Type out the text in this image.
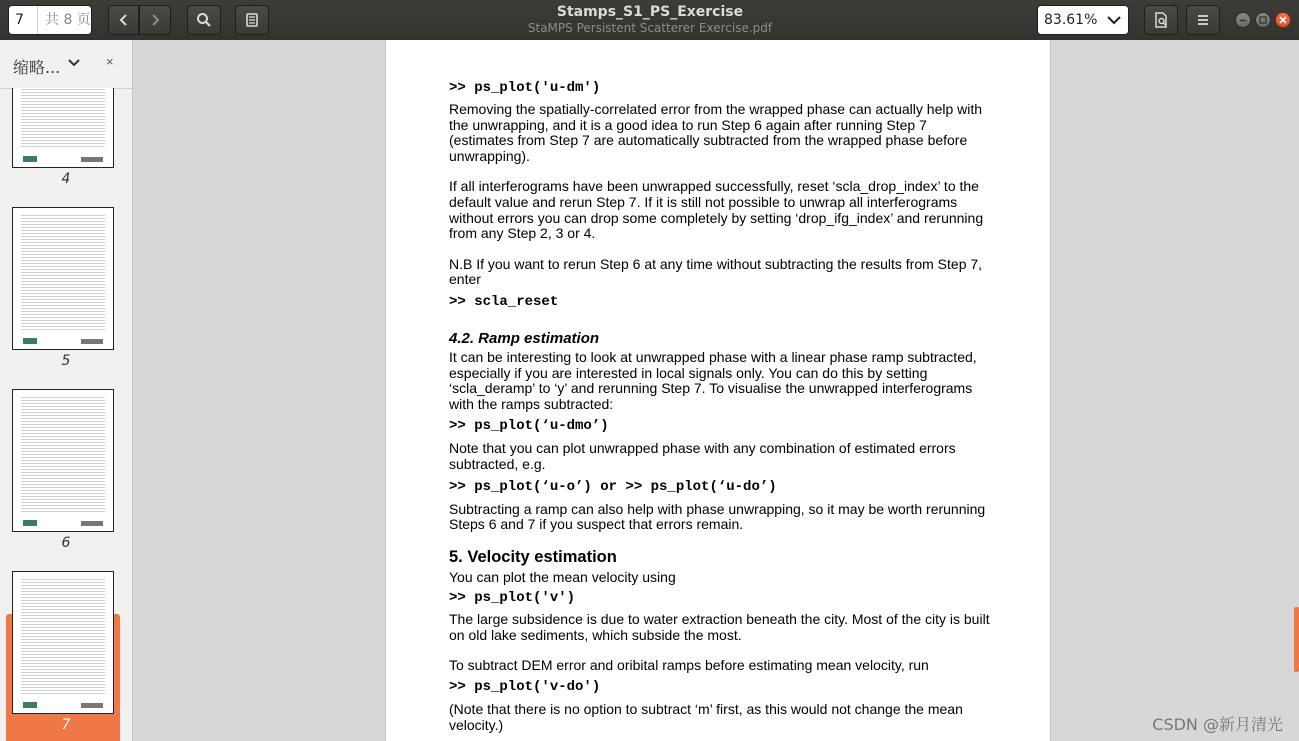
7	共 8 页	Stamps_S1_PS_Exercise
StaMPS Persistent Scatterer Exercise.pdf	83.61%
缩略...	×
4
5
6
7

>> ps_plot('u-dm')

Removing the spatially-correlated error from the wrapped phase can actually help with the unwrapping, and it is a good idea to run Step 6 again after running Step 7 (estimates from Step 7 are automatically subtracted from the wrapped phase before unwrapping).

If all interferograms have been unwrapped successfully, reset ‘scla_drop_index’ to the default value and rerun Step 7. If it is still not possible to unwrap all interferograms without errors you can drop some completely by setting ‘drop_ifg_index’ and rerunning from any Step 2, 3 or 4.

N.B If you want to rerun Step 6 at any time without subtracting the results from Step 7, enter

>> scla_reset

4.2. Ramp estimation

It can be interesting to look at unwrapped phase with a linear phase ramp subtracted, especially if you are interested in local signals only. You can do this by setting ‘scla_deramp’ to ‘y’ and rerunning Step 7. To visualise the unwrapped interferograms with the ramps subtracted:

>> ps_plot(‘u-dmo’)

Note that you can plot unwrapped phase with any combination of estimated errors subtracted, e.g.

>> ps_plot(‘u-o’) or >> ps_plot(‘u-do’)

Subtracting a ramp can also help with phase unwrapping, so it may be worth rerunning Steps 6 and 7 if you suspect that errors remain.

5. Velocity estimation

You can plot the mean velocity using

>> ps_plot('v')

The large subsidence is due to water extraction beneath the city. Most of the city is built on old lake sediments, which subside the most.

To subtract DEM error and oribital ramps before estimating mean velocity, run

>> ps_plot('v-do')

(Note that there is no option to subtract ‘m’ first, as this would not change the mean velocity.)	CSDN @新月清光
